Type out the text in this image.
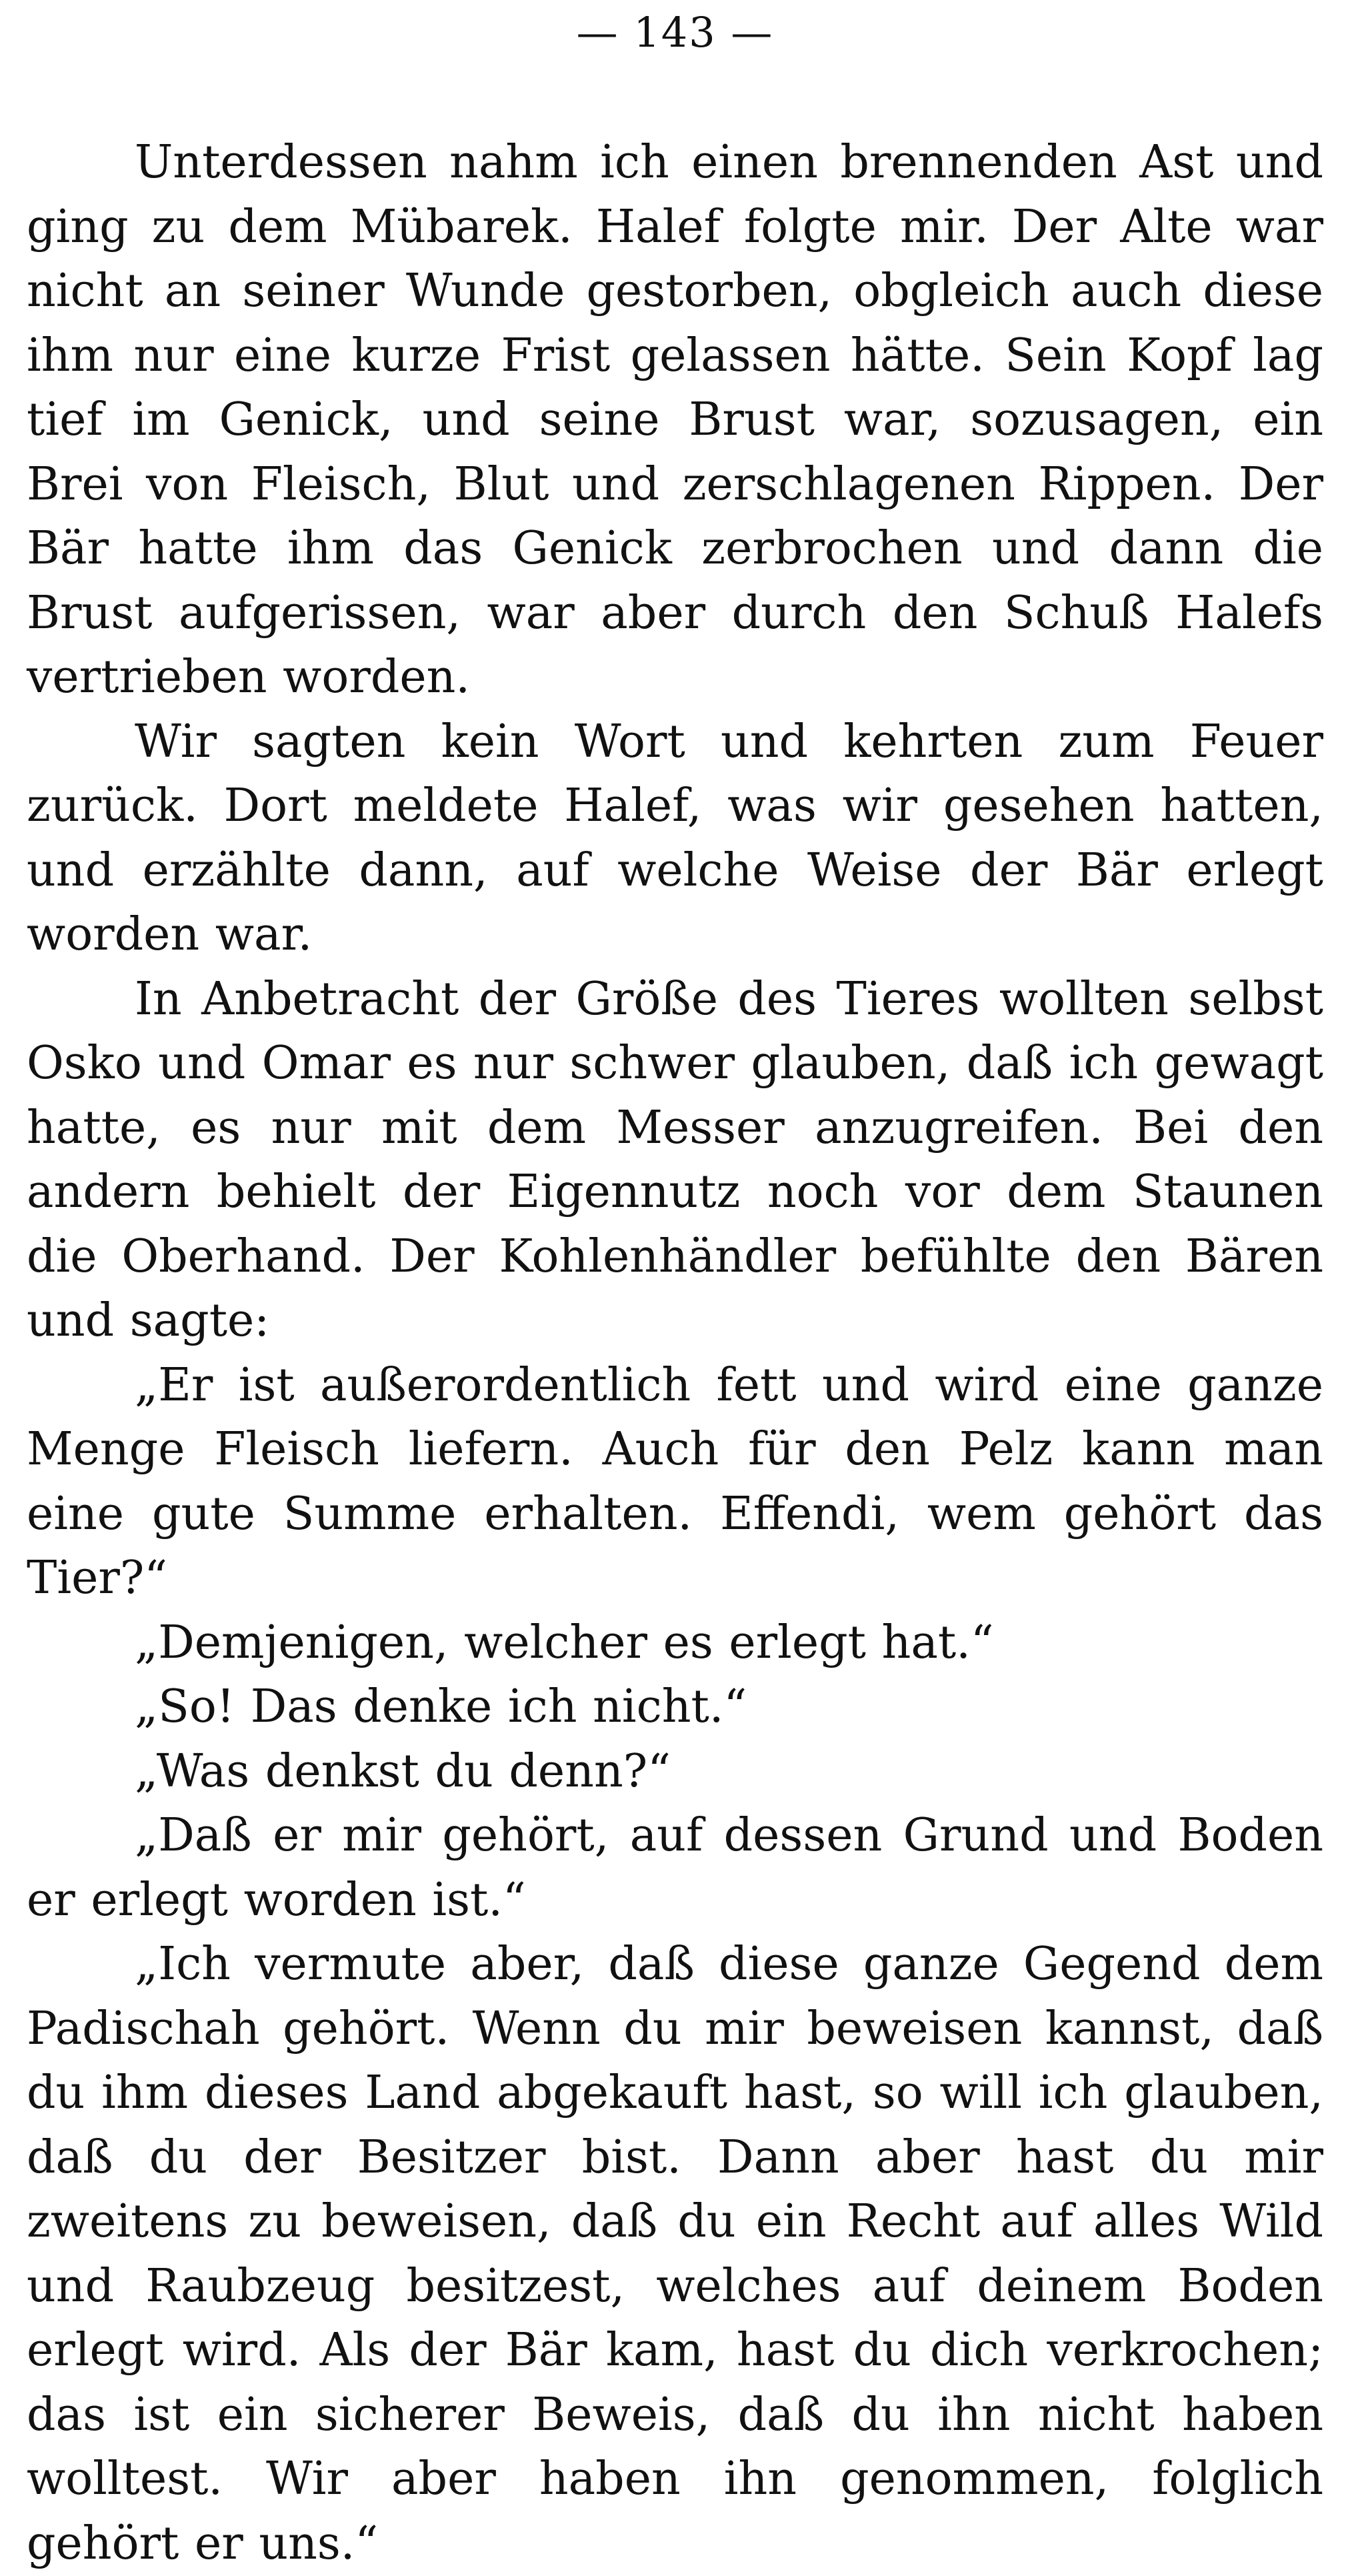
— 143 —

Unterdessen nahm ich einen brennenden Ast und ging zu dem Mübarek. Halef folgte mir. Der Alte war nicht an seiner Wunde gestorben, obgleich auch diese ihm nur eine kurze Frist gelassen hätte. Sein Kopf lag tief im Genick, und seine Brust war, sozusagen, ein Brei von Fleisch, Blut und zerschlagenen Rippen. Der Bär hatte ihm das Genick zerbrochen und dann die Brust aufgerissen, war aber durch den Schuß Halefs vertrieben worden.

Wir sagten kein Wort und kehrten zum Feuer zurück. Dort meldete Halef, was wir gesehen hatten, und erzählte dann, auf welche Weise der Bär erlegt worden war.

In Anbetracht der Größe des Tieres wollten selbst Osko und Omar es nur schwer glauben, daß ich gewagt hatte, es nur mit dem Messer anzugreifen. Bei den andern behielt der Eigennutz noch vor dem Staunen die Oberhand. Der Kohlenhändler befühlte den Bären und sagte:

„Er ist außerordentlich fett und wird eine ganze Menge Fleisch liefern. Auch für den Pelz kann man eine gute Summe erhalten. Effendi, wem gehört das Tier?“

„Demjenigen, welcher es erlegt hat.“

„So! Das denke ich nicht.“

„Was denkst du denn?“

„Daß er mir gehört, auf dessen Grund und Boden er erlegt worden ist.“

„Ich vermute aber, daß diese ganze Gegend dem Padischah gehört. Wenn du mir beweisen kannst, daß du ihm dieses Land abgekauft hast, so will ich glauben, daß du der Besitzer bist. Dann aber hast du mir zweitens zu beweisen, daß du ein Recht auf alles Wild und Raubzeug besitzest, welches auf deinem Boden erlegt wird. Als der Bär kam, hast du dich verkrochen; das ist ein sicherer Beweis, daß du ihn nicht haben wolltest. Wir aber haben ihn genommen, folglich gehört er uns.“
